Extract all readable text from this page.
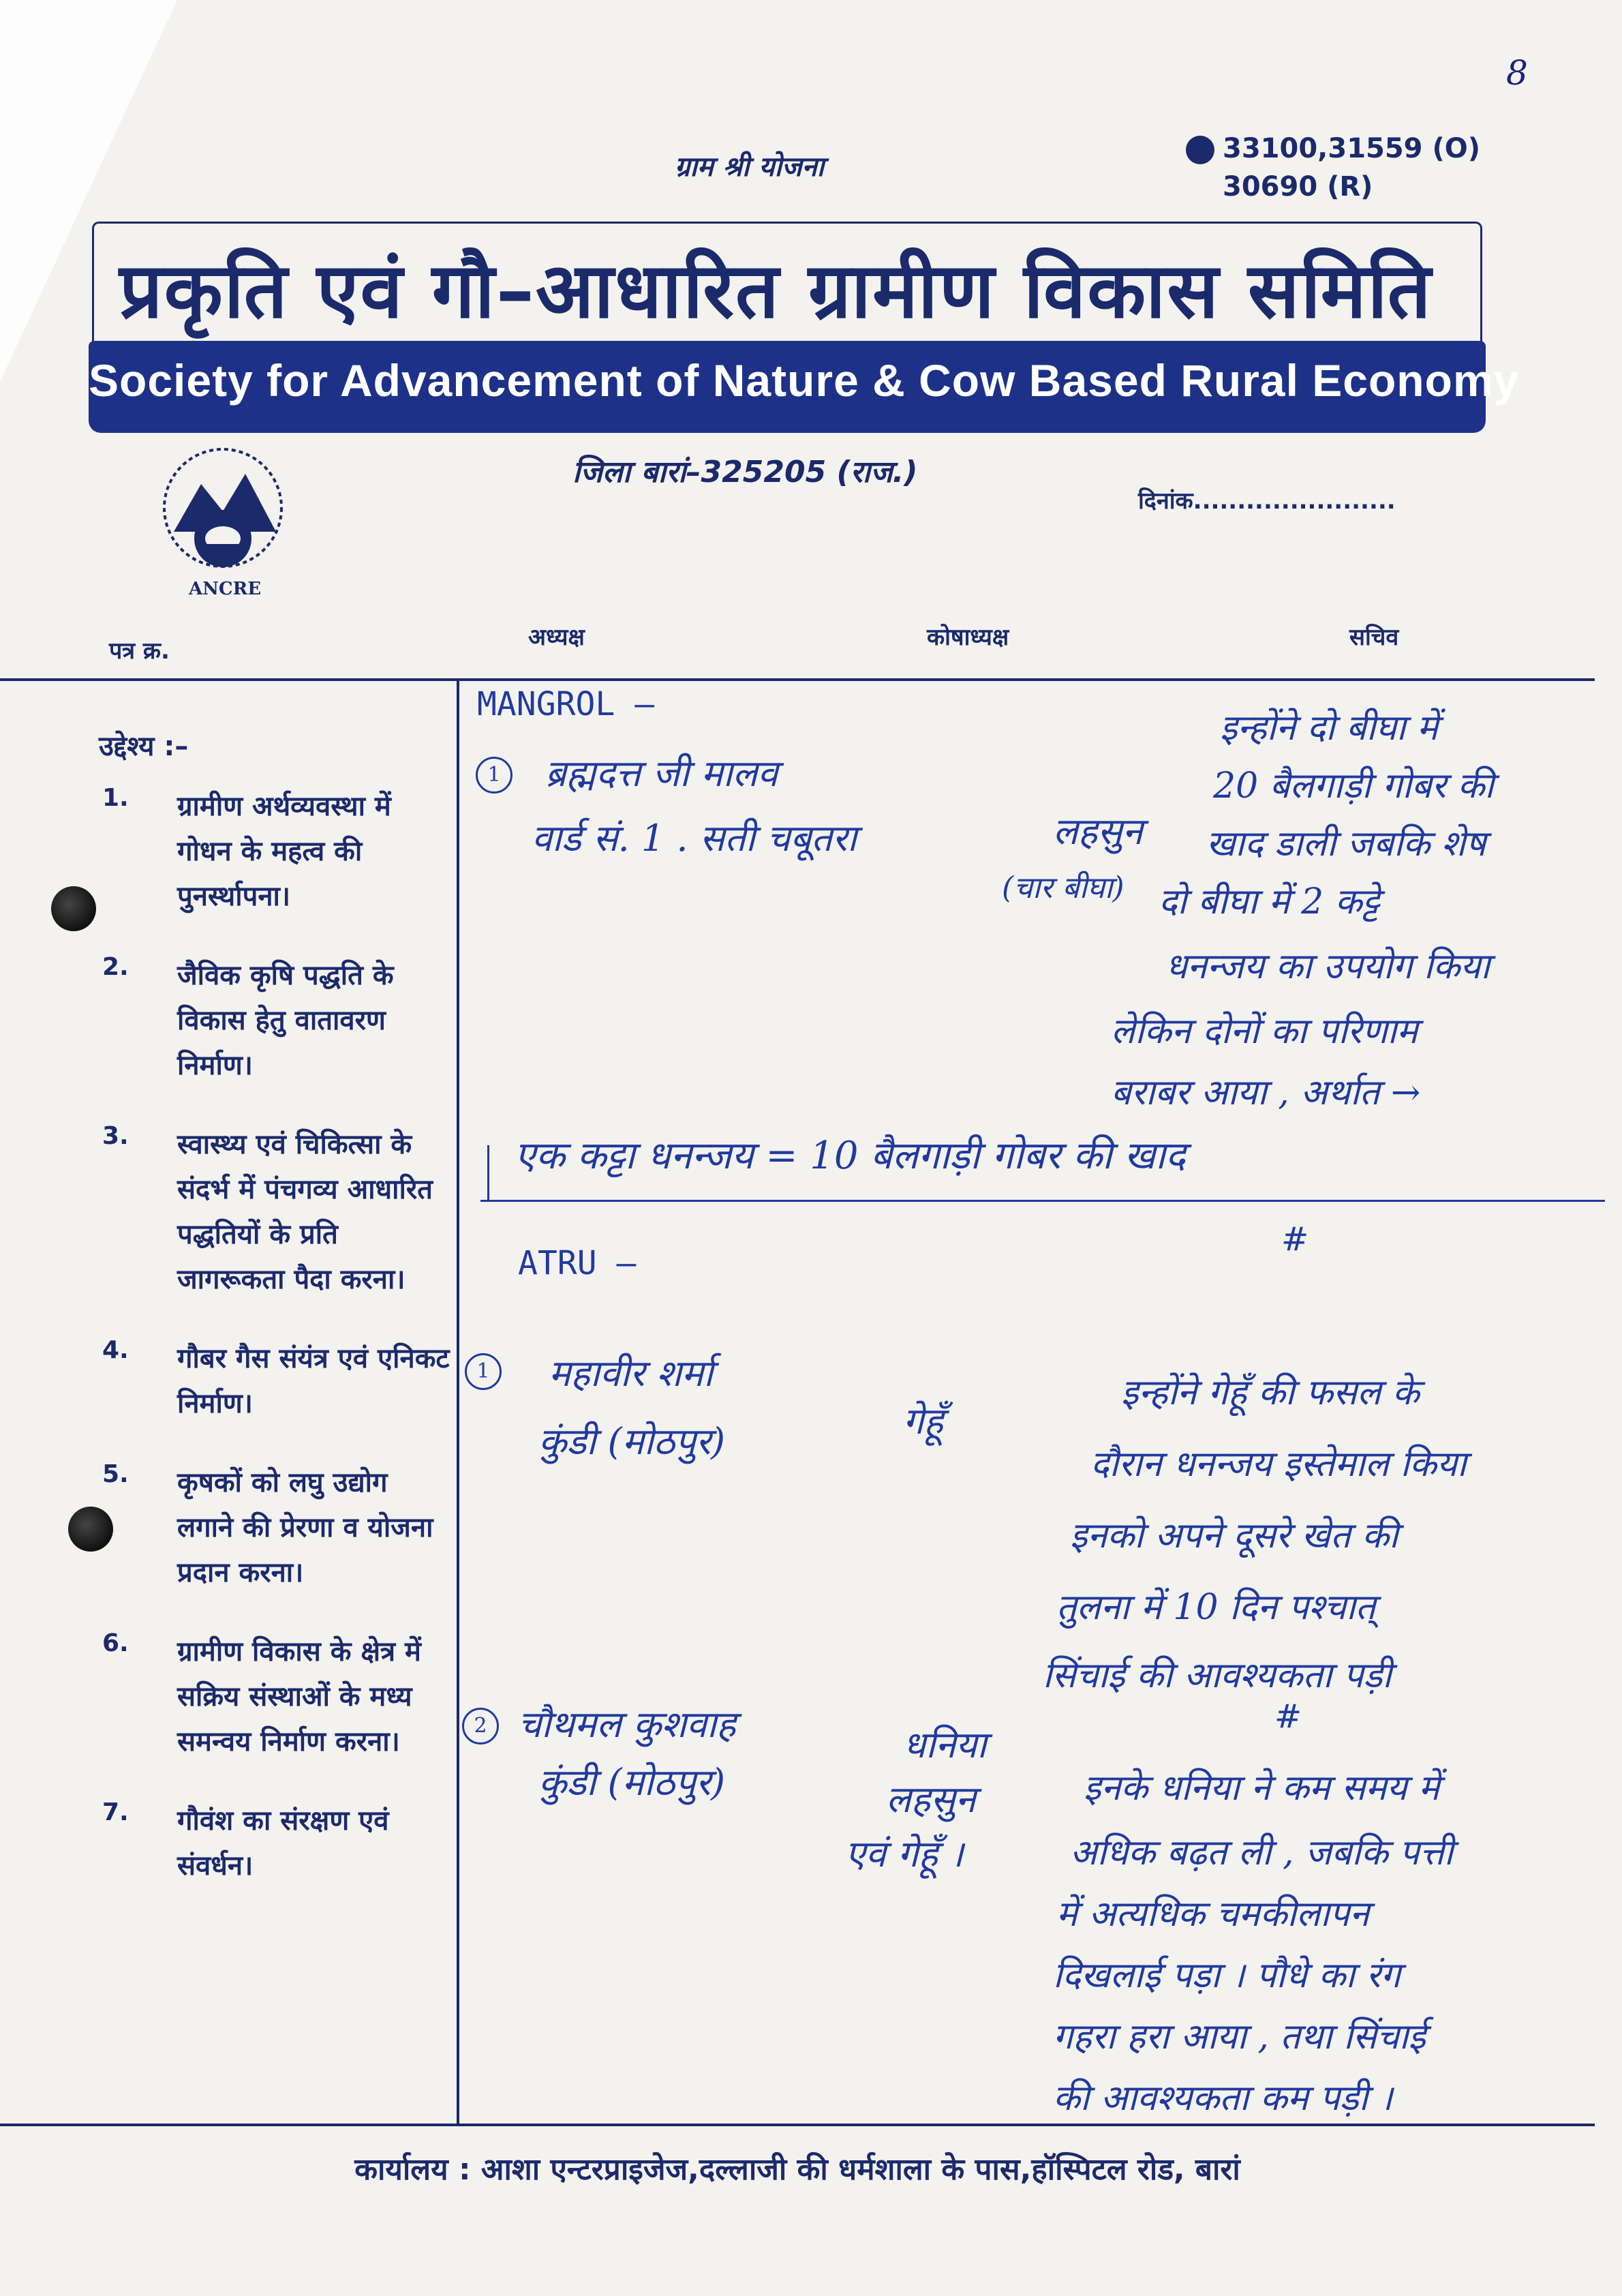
8
ग्राम श्री योजना
33100,31559 (O)
30690 (R)
प्रकृति एवं गौ–आधारित ग्रामीण विकास समिति
Society for Advancement of Nature & Cow Based Rural Economy
जिला बारां–325205 (राज.)
दिनांक.......................
ANCRE
पत्र क्र.	अध्यक्ष	कोषाध्यक्ष	सचिव
उद्देश्य :–
1.	ग्रामीण अर्थव्यवस्था में गोधन के महत्व की पुनर्स्थापना।
2.	जैविक कृषि पद्धति के विकास हेतु वातावरण निर्माण।
3.	स्वास्थ्य एवं चिकित्सा के संदर्भ में पंचगव्य आधारित पद्धतियों के प्रति जागरूकता पैदा करना।
4.	गौबर गैस संयंत्र एवं एनिकट निर्माण।
5.	कृषकों को लघु उद्योग लगाने की प्रेरणा व योजना प्रदान करना।
6.	ग्रामीण विकास के क्षेत्र में सक्रिय संस्थाओं के मध्य समन्वय निर्माण करना।
7.	गौवंश का संरक्षण एवं संवर्धन।
MANGROL –
1	ब्रह्मदत्त जी मालव
वार्ड सं. 1 . सती चबूतरा	लहसुन
(चार बीघा)
इन्होंने दो बीघा में
20 बैलगाड़ी गोबर की
खाद डाली जबकि शेष
दो बीघा में 2 कट्टे
धनन्जय का उपयोग किया
लेकिन दोनों का परिणाम
बराबर आया , अर्थात →
एक कट्टा धनन्जय = 10 बैलगाड़ी गोबर की खाद
#
ATRU –
1	महावीर शर्मा
कुंडी (मोठपुर)	गेहूँ
इन्होंने गेहूँ की फसल के
दौरान धनन्जय इस्तेमाल किया
इनको अपने दूसरे खेत की
तुलना में 10 दिन पश्चात्
सिंचाई की आवश्यकता पड़ी
#
2 चौथमल कुशवाह
कुंडी (मोठपुर)
धनिया
लहसुन
एवं गेहूँ ।
इनके धनिया ने कम समय में
अधिक बढ़त ली , जबकि पत्ती
में अत्यधिक चमकीलापन
दिखलाई पड़ा । पौधे का रंग
गहरा हरा आया , तथा सिंचाई
की आवश्यकता कम पड़ी ।
कार्यालय : आशा एन्टरप्राइजेज,दल्लाजी की धर्मशाला के पास,हॉस्पिटल रोड, बारां
